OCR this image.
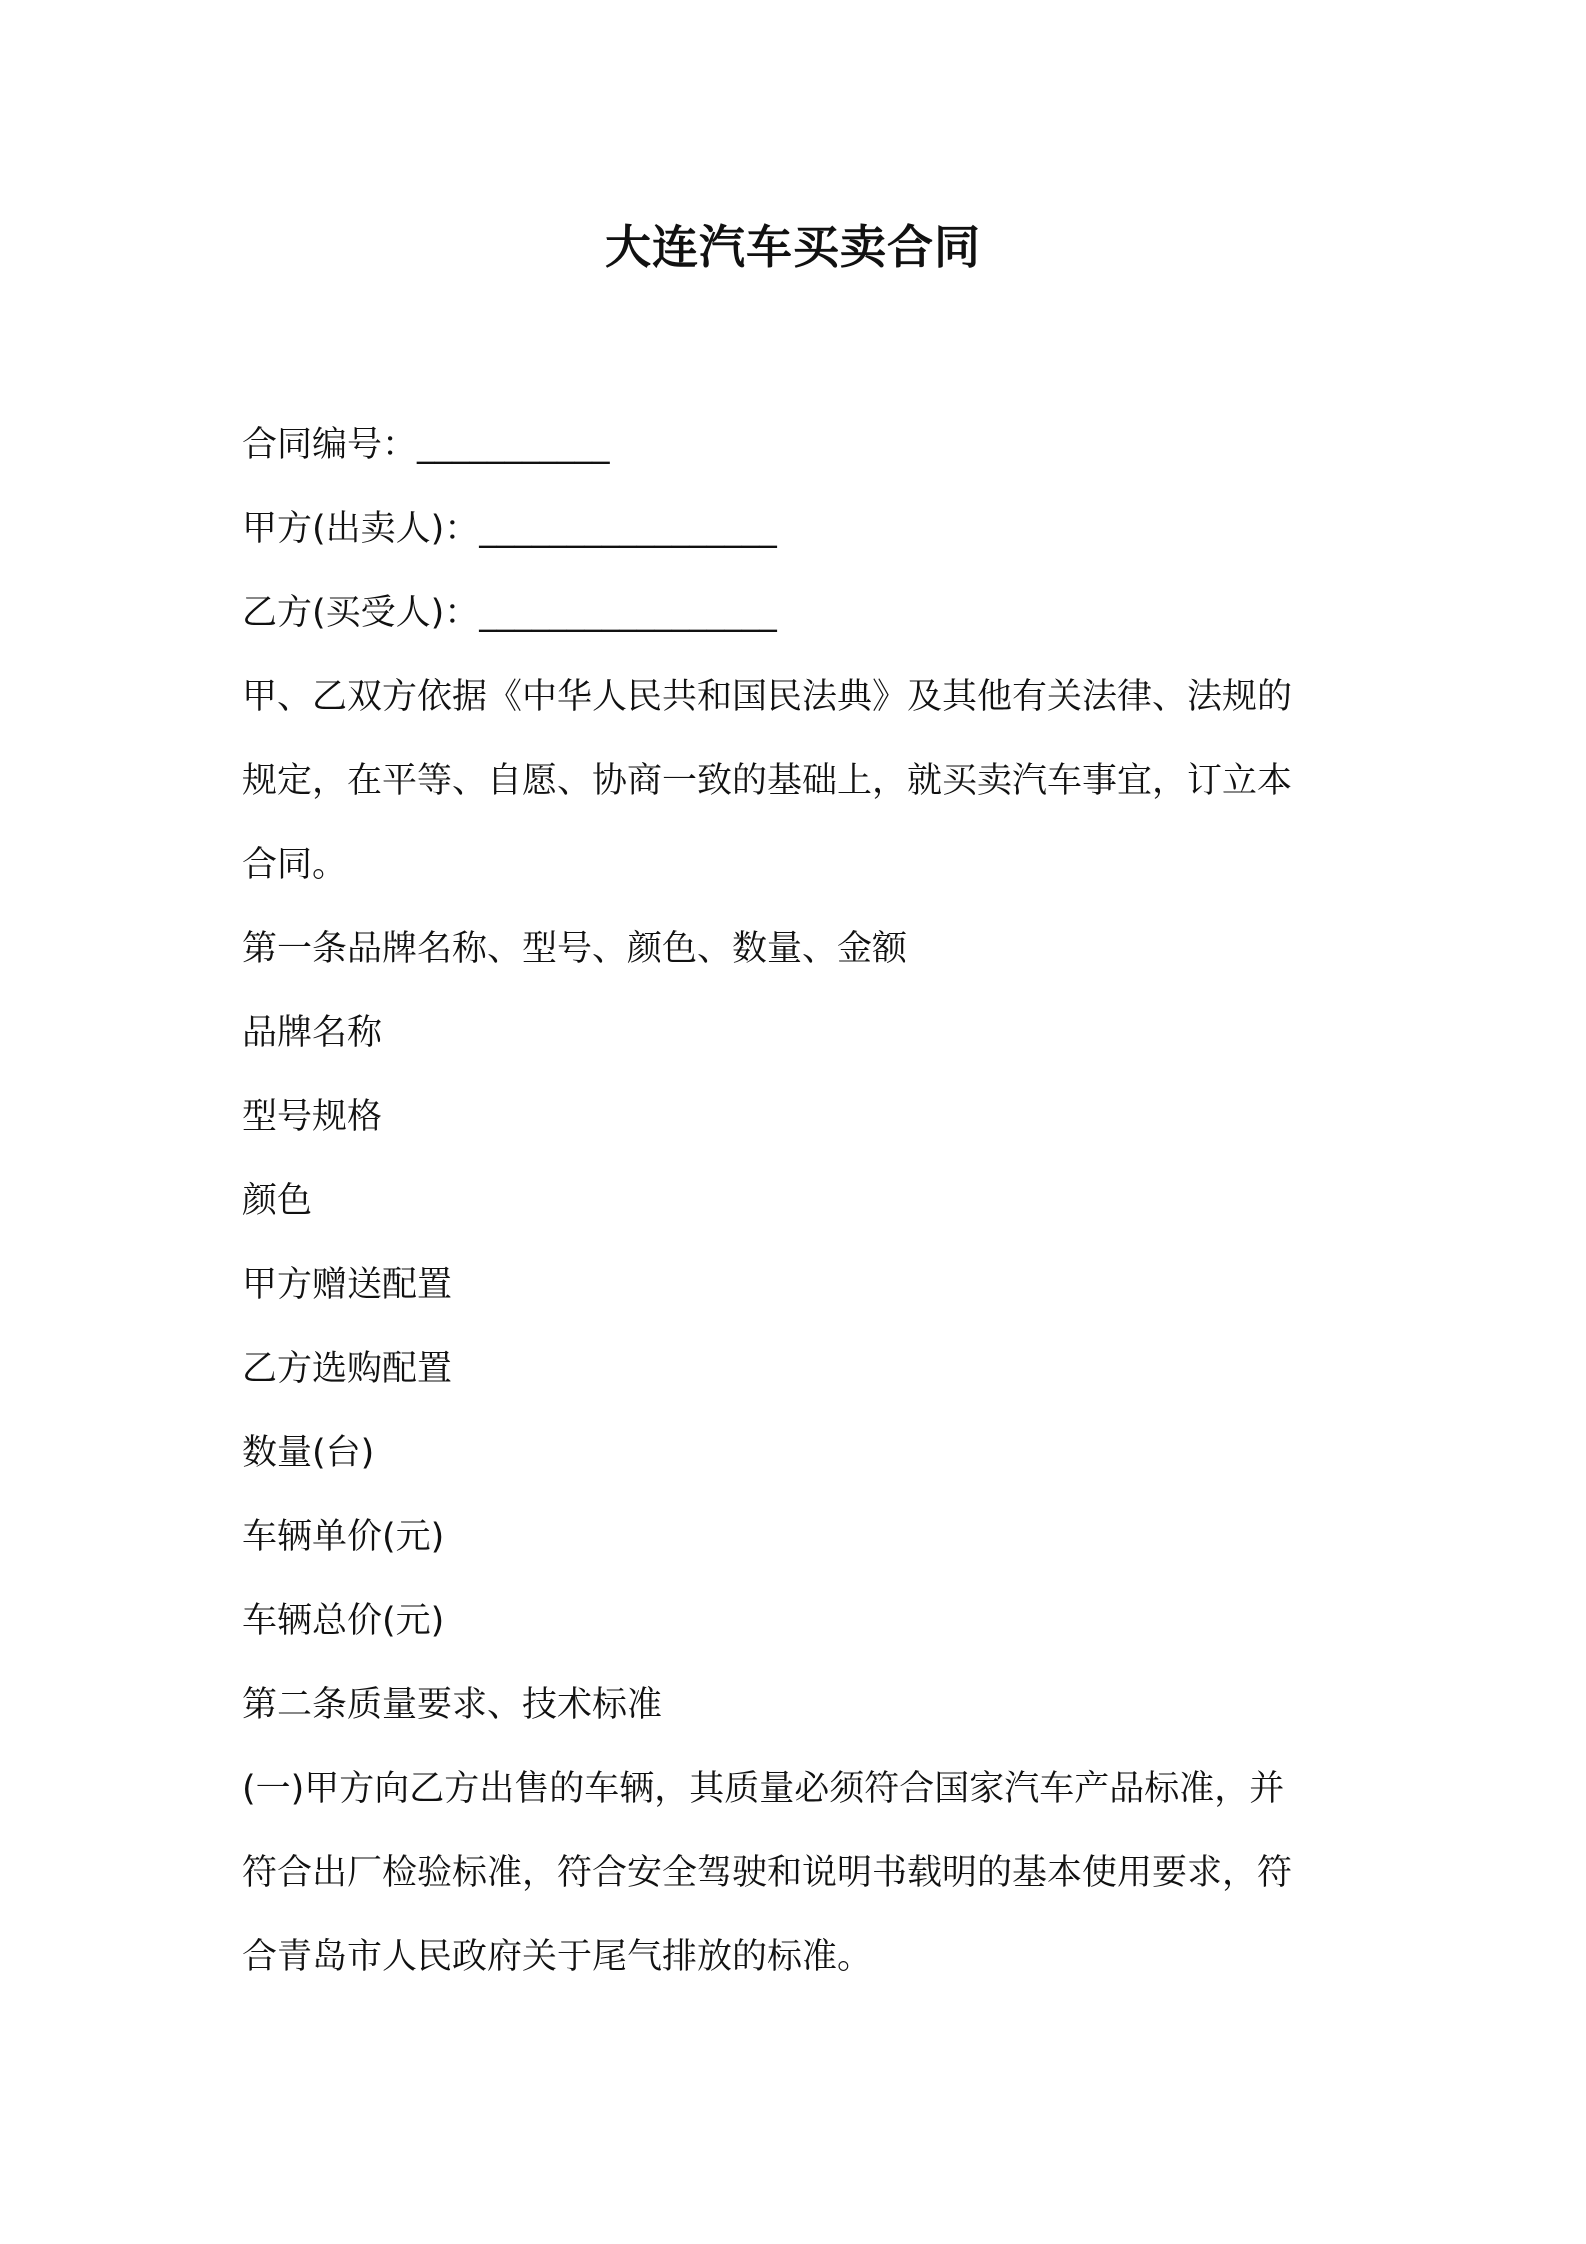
大连汽车买卖合同
合同编号：___________
甲方(出卖人)：_________________
乙方(买受人)：_________________
甲、乙双方依据《中华人民共和国民法典》及其他有关法律、法规的
规定，在平等、自愿、协商一致的基础上，就买卖汽车事宜，订立本
合同。
第一条品牌名称、型号、颜色、数量、金额
品牌名称
型号规格
颜色
甲方赠送配置
乙方选购配置
数量(台)
车辆单价(元)
车辆总价(元)
第二条质量要求、技术标准
(一)甲方向乙方出售的车辆，其质量必须符合国家汽车产品标准，并
符合出厂检验标准，符合安全驾驶和说明书载明的基本使用要求，符
合青岛市人民政府关于尾气排放的标准。
